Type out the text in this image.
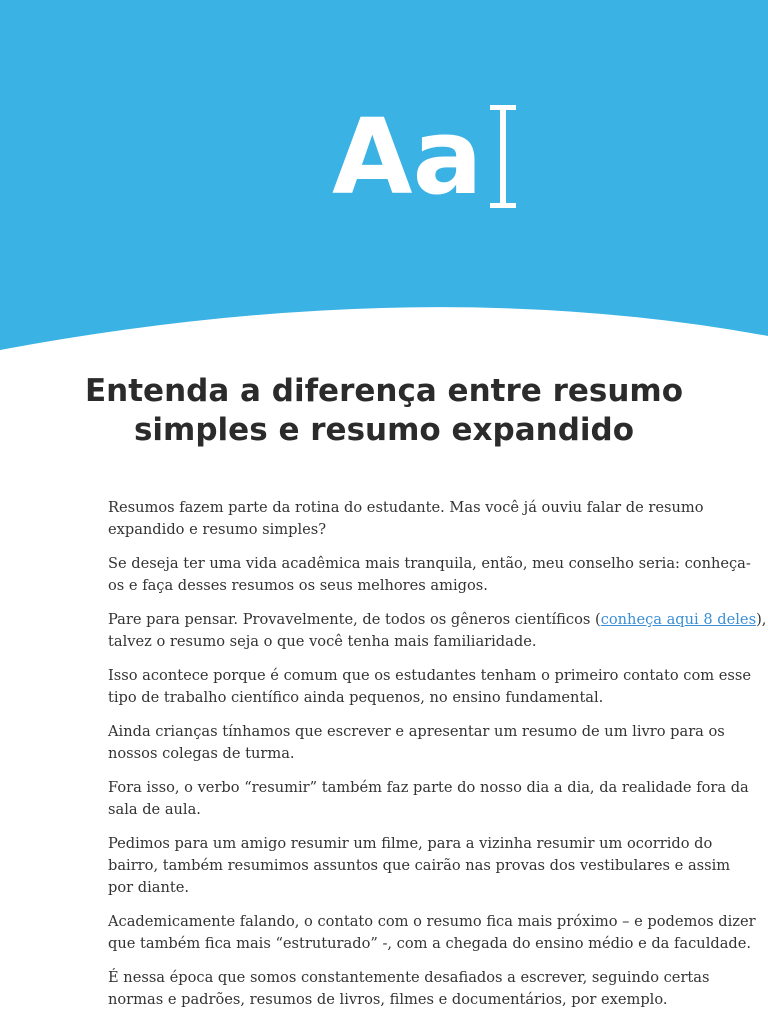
Aa
Entenda a diferença entre resumo
simples e resumo expandido

Resumos fazem parte da rotina do estudante. Mas você já ouviu falar de resumo
expandido e resumo simples?

Se deseja ter uma vida acadêmica mais tranquila, então, meu conselho seria: conheça-
os e faça desses resumos os seus melhores amigos.

Pare para pensar. Provavelmente, de todos os gêneros científicos (conheça aqui 8 deles),
talvez o resumo seja o que você tenha mais familiaridade.

Isso acontece porque é comum que os estudantes tenham o primeiro contato com esse
tipo de trabalho científico ainda pequenos, no ensino fundamental.

Ainda crianças tínhamos que escrever e apresentar um resumo de um livro para os
nossos colegas de turma.

Fora isso, o verbo “resumir” também faz parte do nosso dia a dia, da realidade fora da
sala de aula.

Pedimos para um amigo resumir um filme, para a vizinha resumir um ocorrido do
bairro, também resumimos assuntos que cairão nas provas dos vestibulares e assim
por diante.

Academicamente falando, o contato com o resumo fica mais próximo – e podemos dizer
que também fica mais “estruturado” -, com a chegada do ensino médio e da faculdade.

É nessa época que somos constantemente desafiados a escrever, seguindo certas
normas e padrões, resumos de livros, filmes e documentários, por exemplo.
